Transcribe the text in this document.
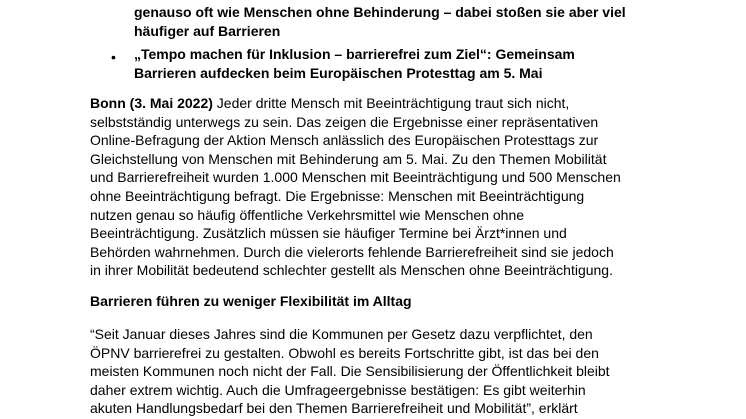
genauso oft wie Menschen ohne Behinderung – dabei stoßen sie aber viel
häufiger auf Barrieren
• „Tempo machen für Inklusion – barrierefrei zum Ziel“: Gemeinsam
Barrieren aufdecken beim Europäischen Protesttag am 5. Mai
Bonn (3. Mai 2022) Jeder dritte Mensch mit Beeinträchtigung traut sich nicht,
selbstständig unterwegs zu sein. Das zeigen die Ergebnisse einer repräsentativen
Online-Befragung der Aktion Mensch anlässlich des Europäischen Protesttags zur
Gleichstellung von Menschen mit Behinderung am 5. Mai. Zu den Themen Mobilität
und Barrierefreiheit wurden 1.000 Menschen mit Beeinträchtigung und 500 Menschen
ohne Beeinträchtigung befragt. Die Ergebnisse: Menschen mit Beeinträchtigung
nutzen genau so häufig öffentliche Verkehrsmittel wie Menschen ohne
Beeinträchtigung. Zusätzlich müssen sie häufiger Termine bei Ärzt*innen und
Behörden wahrnehmen. Durch die vielerorts fehlende Barrierefreiheit sind sie jedoch
in ihrer Mobilität bedeutend schlechter gestellt als Menschen ohne Beeinträchtigung.
Barrieren führen zu weniger Flexibilität im Alltag
“Seit Januar dieses Jahres sind die Kommunen per Gesetz dazu verpflichtet, den
ÖPNV barrierefrei zu gestalten. Obwohl es bereits Fortschritte gibt, ist das bei den
meisten Kommunen noch nicht der Fall. Die Sensibilisierung der Öffentlichkeit bleibt
daher extrem wichtig. Auch die Umfrageergebnisse bestätigen: Es gibt weiterhin
akuten Handlungsbedarf bei den Themen Barrierefreiheit und Mobilität”, erklärt
